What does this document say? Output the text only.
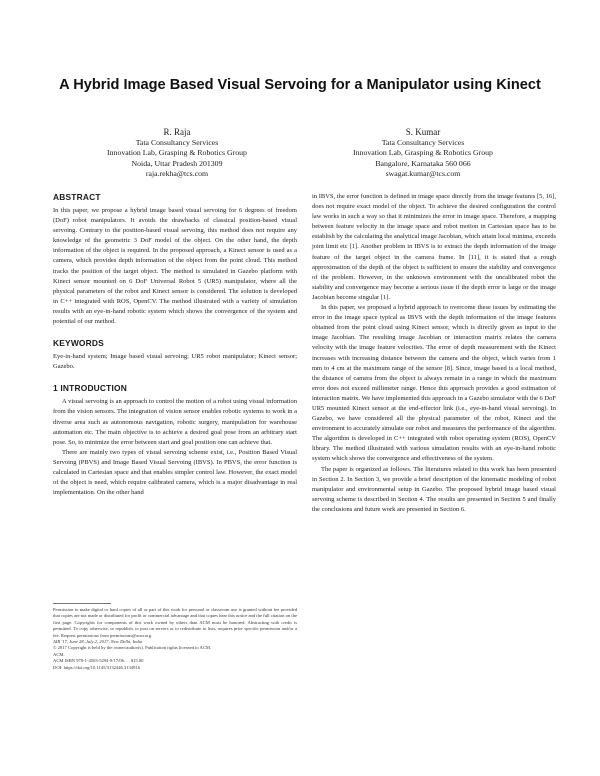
A Hybrid Image Based Visual Servoing for a Manipulator using Kinect
R. Raja
Tata Consultancy Services
Innovation Lab, Grasping & Robotics Group
Noida, Uttar Pradesh 201309
raja.rekha@tcs.com
S. Kumar
Tata Consultancy Services
Innovation Lab, Grasping & Robotics Group
Bangalore, Karnataka 560 066
swagat.kumar@tcs.com
ABSTRACT

In this paper, we propose a hybrid image based visual servoing for 6 degrees of freedom (DoF) robot manipulators. It avoids the drawbacks of classical position-based visual servoing. Contrary to the position-based visual servoing, this method does not require any knowledge of the geometric 3 DoF model of the object. On the other hand, the depth information of the object is required. In the proposed approach, a Kinect sensor is used as a camera, which provides depth information of the object from the point cloud. This method tracks the position of the target object. The method is simulated in Gazebo platform with Kinect sensor mounted on 6 DoF Universal Robot 5 (UR5) manipulator, where all the physical parameters of the robot and Kinect sensor is considered. The solution is developed in C++ integrated with ROS, OpenCV. The method illustrated with a variety of simulation results with an eye-in-hand robotic system which shows the convergence of the system and potential of our method.

KEYWORDS

Eye-in-hand system; Image based visual servoing; UR5 robot manipulator; Kinect sensor; Gazebo.

1 INTRODUCTION

A visual servoing is an approach to control the motion of a robot using visual information from the vision sensors. The integration of vision sensor enables robotic systems to work in a diverse area such as autonomous navigation, robotic surgery, manipulation for warehouse automation etc. The main objective is to achieve a desired goal pose from an arbitrary start pose. So, to minimize the error between start and goal position one can achieve that.

There are mainly two types of visual servoing scheme exist, i.e., Position Based Visual Servoing (PBVS) and Image Based Visual Servoing (IBVS). In PBVS, the error function is calculated in Cartesian space and that enables simpler control law. However, the exact model of the object is need, which require calibrated camera, which is a major disadvantage in real implementation. On the other hand

in IBVS, the error function is defined in image space directly from the image features [5, 16], does not require exact model of the object. To achieve the desired configuration the control law works in such a way so that it minimizes the error in image space. Therefore, a mapping between feature velocity in the image space and robot motion in Cartesian space has to be establish by the calculating the analytical image Jacobian, which attain local minima, exceeds joint limit etc [1]. Another problem in IBVS is to extract the depth information of the image feature of the target object in the camera frame. In [11], it is stated that a rough approximation of the depth of the object is sufficient to ensure the stability and convergence of the problem. However, in the unknown environment with the uncalibrated robot the stability and convergence may become a serious issue if the depth error is large or the image Jacobian become singular [1].

In this paper, we proposed a hybrid approach to overcome these issues by estimating the error in the image space typical as IBVS with the depth information of the image features obtained from the point cloud using Kinect sensor, which is directly given as input to the image Jacobian. The resulting image Jacobian or interaction matrix relates the camera velocity with the image feature velocities. The error of depth measurement with the Kinect increases with increasing distance between the camera and the object, which varies from 1 mm to 4 cm at the maximum range of the sensor [8]. Since, image based is a local method, the distance of camera from the object is always remain in a range in which the maximum error does not exceed millimeter range. Hence this approach provides a good estimation of interaction matrix. We have implemented this approach in a Gazebo simulator with the 6 DoF UR5 mounted Kinect sensor at the end-effector link (i.e., eye-in-hand visual servoing). In Gazebo, we have considered all the physical parameter of the robot, Kinect and the environment to accurately simulate our robot and measures the performance of the algorithm. The algorithm is developed in C++ integrated with robot operating system (ROS), OpenCV library. The method illustrated with various simulation results with an eye-in-hand robotic system which shows the convergence and effectiveness of the system.

The paper is organized as follows. The literatures related to this work has been presented in Section 2. In Section 3, we provide a brief description of the kinematic modeling of robot manipulator and environmental setup in Gazebo. The proposed hybrid image based visual servoing scheme is described in Section 4. The results are presented in Section 5 and finally the conclusions and future work are presented in Section 6.

Permission to make digital or hard copies of all or part of this work for personal or classroom use is granted without fee provided that copies are not made or distributed for profit or commercial advantage and that copies bear this notice and the full citation on the first page. Copyrights for components of this work owned by others than ACM must be honored. Abstracting with credit is permitted. To copy otherwise, or republish, to post on servers or to redistribute to lists, requires prior specific permission and/or a fee. Request permissions from permissions@acm.org.

AIR '17, June 28–July 2, 2017, New Delhi, India

© 2017 Copyright is held by the owner/author(s). Publication rights licensed to ACM.

ACM.

ACM ISBN 978-1-4503-5294-9/17/06. . . $15.00

DOI: https://doi.org/10.1145/3132446.3134916
